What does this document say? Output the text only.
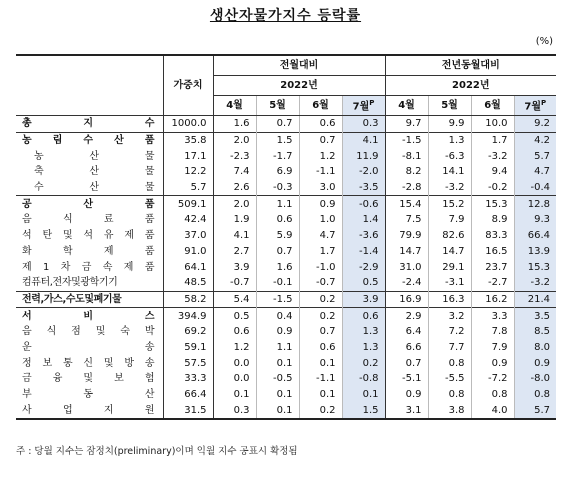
생산자물가지수 등락률
(%)
	가중치	전월대비				전년동월대비			
		2022년				2022년			
		4월	5월	6월	7월$^P$	4월	5월	6월	7월$^P$
총 지 수	1000.0	1.6	0.7	0.6	0.3	9.7	9.9	10.0	9.2
농 림 수 산 품	35.8	2.0	1.5	0.7	4.1	-1.5	1.3	1.7	4.2
농 산 물	17.1	-2.3	-1.7	1.2	11.9	-8.1	-6.3	-3.2	5.7
축 산 물	12.2	7.4	6.9	-1.1	-2.0	8.2	14.1	9.4	4.7
수 산 물	5.7	2.6	-0.3	3.0	-3.5	-2.8	-3.2	-0.2	-0.4
공 산 품	509.1	2.0	1.1	0.9	-0.6	15.4	15.2	15.3	12.8
음 식 료 품	42.4	1.9	0.6	1.0	1.4	7.5	7.9	8.9	9.3
석 탄 및 석 유 제 품	37.0	4.1	5.9	4.7	-3.6	79.9	82.6	83.3	66.4
화 학 제 품	91.0	2.7	0.7	1.7	-1.4	14.7	14.7	16.5	13.9
제 1 차 금 속 제 품	64.1	3.9	1.6	-1.0	-2.9	31.0	29.1	23.7	15.3
컴퓨터,전자및광학기기	48.5	-0.7	-0.1	-0.7	0.5	-2.4	-3.1	-2.7	-3.2
전력,가스,수도및폐기물	58.2	5.4	-1.5	0.2	3.9	16.9	16.3	16.2	21.4
서 비 스	394.9	0.5	0.4	0.2	0.6	2.9	3.2	3.3	3.5
음 식 점 및 숙 박	69.2	0.6	0.9	0.7	1.3	6.4	7.2	7.8	8.5
운 송	59.1	1.2	1.1	0.6	1.3	6.6	7.7	7.9	8.0
정 보 통 신 및 방 송	57.5	0.0	0.1	0.1	0.2	0.7	0.8	0.9	0.9
금 융 및 보 험	33.3	0.0	-0.5	-1.1	-0.8	-5.1	-5.5	-7.2	-8.0
부 동 산	66.4	0.1	0.1	0.1	0.1	0.9	0.8	0.8	0.8
사 업 지 원	31.5	0.3	0.1	0.2	1.5	3.1	3.8	4.0	5.7
주 : 당월 지수는 잠정치(preliminary)이며 익월 지수 공표시 확정됨
